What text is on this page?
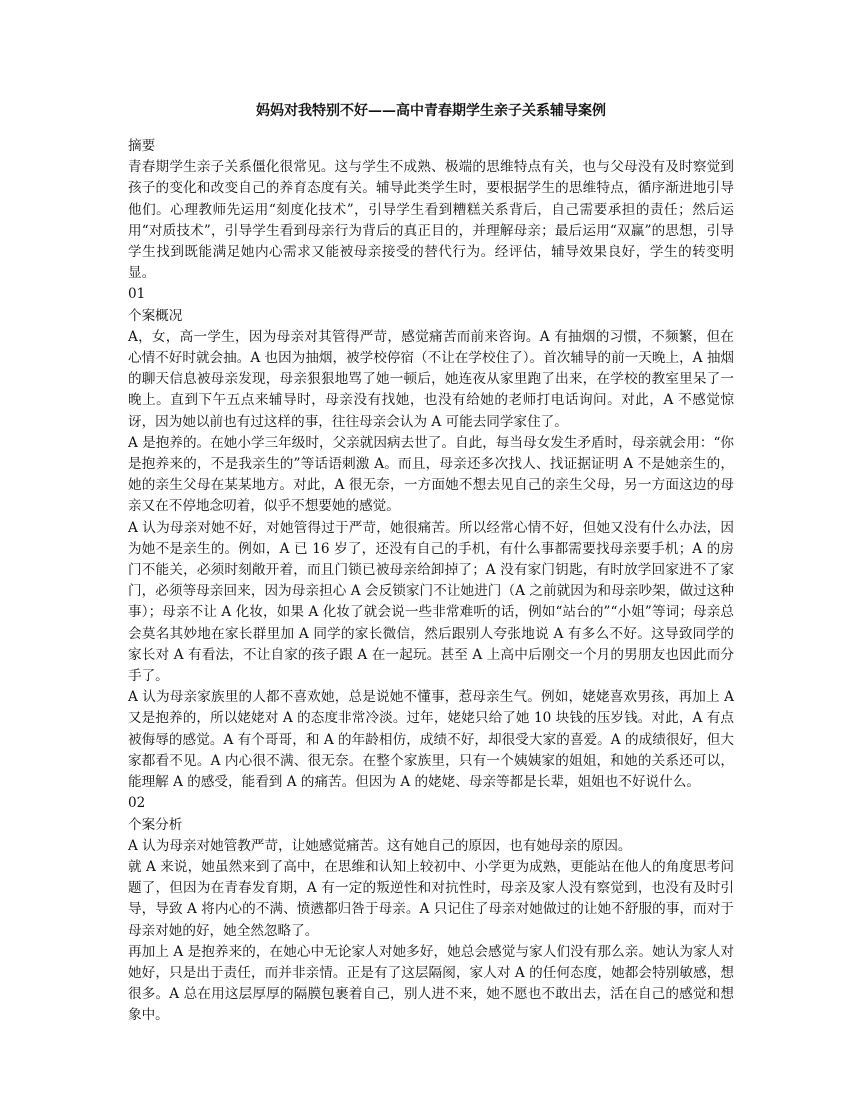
妈妈对我特别不好——高中青春期学生亲子关系辅导案例
摘要
青春期学生亲子关系僵化很常见。这与学生不成熟、极端的思维特点有关，也与父母没有及时察觉到孩子的变化和改变自己的养育态度有关。辅导此类学生时，要根据学生的思维特点，循序渐进地引导他们。心理教师先运用“刻度化技术”，引导学生看到糟糕关系背后，自己需要承担的责任；然后运用“对质技术”，引导学生看到母亲行为背后的真正目的，并理解母亲；最后运用“双赢”的思想，引导学生找到既能满足她内心需求又能被母亲接受的替代行为。经评估，辅导效果良好，学生的转变明显。
01
个案概况
A，女，高一学生，因为母亲对其管得严苛，感觉痛苦而前来咨询。A 有抽烟的习惯，不频繁，但在心情不好时就会抽。A 也因为抽烟，被学校停宿（不让在学校住了）。首次辅导的前一天晚上，A 抽烟的聊天信息被母亲发现，母亲狠狠地骂了她一顿后，她连夜从家里跑了出来，在学校的教室里呆了一晚上。直到下午五点来辅导时，母亲没有找她，也没有给她的老师打电话询问。对此，A 不感觉惊讶，因为她以前也有过这样的事，往往母亲会认为 A 可能去同学家住了。
A 是抱养的。在她小学三年级时，父亲就因病去世了。自此，每当母女发生矛盾时，母亲就会用：“你是抱养来的，不是我亲生的”等话语刺激 A。而且，母亲还多次找人、找证据证明 A 不是她亲生的，她的亲生父母在某某地方。对此，A 很无奈，一方面她不想去见自己的亲生父母，另一方面这边的母亲又在不停地念叨着，似乎不想要她的感觉。
A 认为母亲对她不好，对她管得过于严苛，她很痛苦。所以经常心情不好，但她又没有什么办法，因为她不是亲生的。例如，A 已 16 岁了，还没有自己的手机，有什么事都需要找母亲要手机；A 的房门不能关，必须时刻敞开着，而且门锁已被母亲给卸掉了；A 没有家门钥匙，有时放学回家进不了家门，必须等母亲回来，因为母亲担心 A 会反锁家门不让她进门（A 之前就因为和母亲吵架，做过这种事）；母亲不让 A 化妆，如果 A 化妆了就会说一些非常难听的话，例如“站台的”“小姐”等词；母亲总会莫名其妙地在家长群里加 A 同学的家长微信，然后跟别人夸张地说 A 有多么不好。这导致同学的家长对 A 有看法，不让自家的孩子跟 A 在一起玩。甚至 A 上高中后刚交一个月的男朋友也因此而分手了。
A 认为母亲家族里的人都不喜欢她，总是说她不懂事，惹母亲生气。例如，姥姥喜欢男孩，再加上 A 又是抱养的，所以姥姥对 A 的态度非常冷淡。过年，姥姥只给了她 10 块钱的压岁钱。对此，A 有点被侮辱的感觉。A 有个哥哥，和 A 的年龄相仿，成绩不好，却很受大家的喜爱。A 的成绩很好，但大家都看不见。A 内心很不满、很无奈。在整个家族里，只有一个姨姨家的姐姐，和她的关系还可以，能理解 A 的感受，能看到 A 的痛苦。但因为 A 的姥姥、母亲等都是长辈，姐姐也不好说什么。
02
个案分析
A 认为母亲对她管教严苛，让她感觉痛苦。这有她自己的原因，也有她母亲的原因。
就 A 来说，她虽然来到了高中，在思维和认知上较初中、小学更为成熟，更能站在他人的角度思考问题了，但因为在青春发育期，A 有一定的叛逆性和对抗性时，母亲及家人没有察觉到，也没有及时引导，导致 A 将内心的不满、愤懑都归咎于母亲。A 只记住了母亲对她做过的让她不舒服的事，而对于母亲对她的好，她全然忽略了。
再加上 A 是抱养来的，在她心中无论家人对她多好，她总会感觉与家人们没有那么亲。她认为家人对她好，只是出于责任，而并非亲情。正是有了这层隔阂，家人对 A 的任何态度，她都会特别敏感，想很多。A 总在用这层厚厚的隔膜包裹着自己，别人进不来，她不愿也不敢出去，活在自己的感觉和想象中。
